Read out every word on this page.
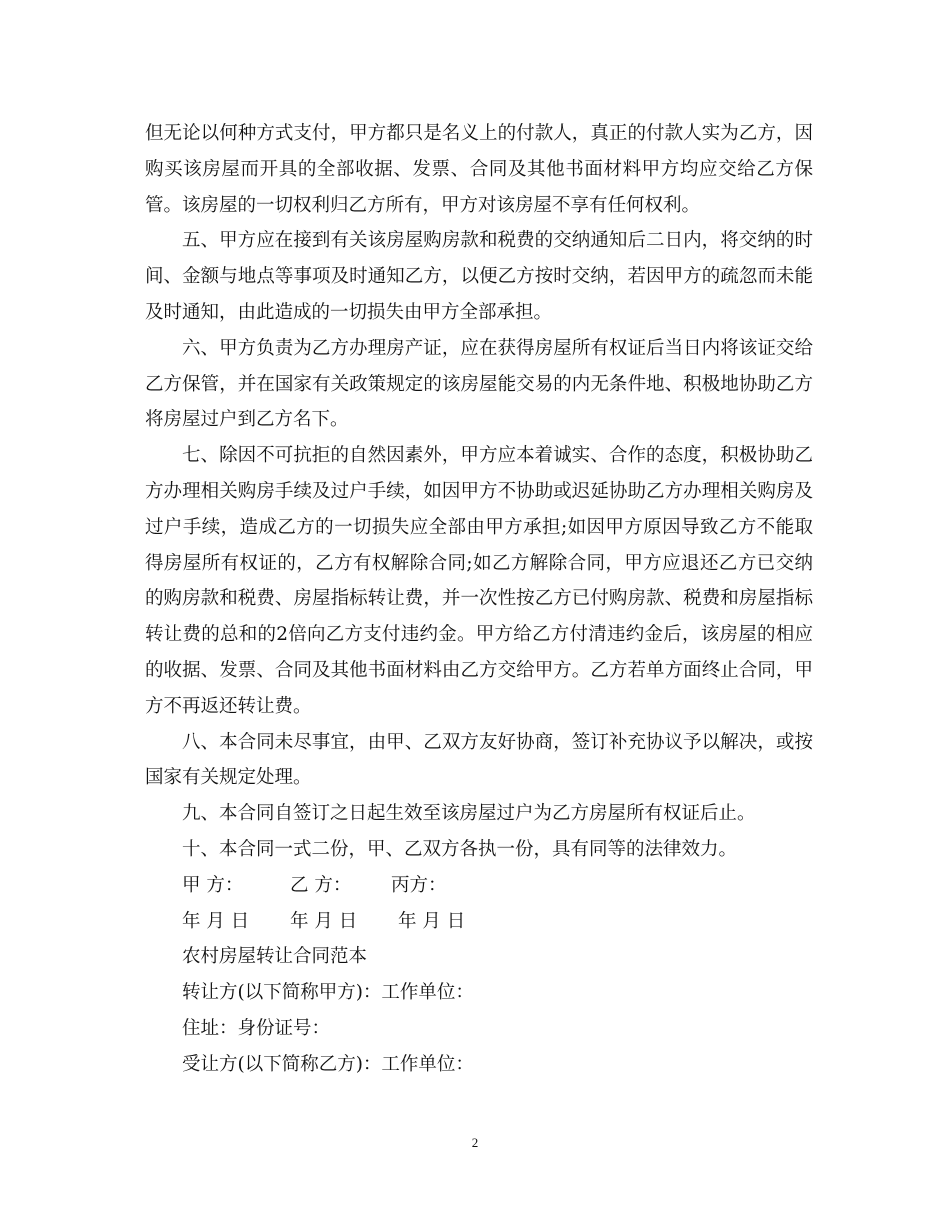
但无论以何种方式支付，甲方都只是名义上的付款人，真正的付款人实为乙方，因购买该房屋而开具的全部收据、发票、合同及其他书面材料甲方均应交给乙方保管。该房屋的一切权利归乙方所有，甲方对该房屋不享有任何权利。

五、甲方应在接到有关该房屋购房款和税费的交纳通知后二日内，将交纳的时间、金额与地点等事项及时通知乙方，以便乙方按时交纳，若因甲方的疏忽而未能及时通知，由此造成的一切损失由甲方全部承担。

六、甲方负责为乙方办理房产证，应在获得房屋所有权证后当日内将该证交给乙方保管，并在国家有关政策规定的该房屋能交易的内无条件地、积极地协助乙方将房屋过户到乙方名下。

七、除因不可抗拒的自然因素外，甲方应本着诚实、合作的态度，积极协助乙方办理相关购房手续及过户手续，如因甲方不协助或迟延协助乙方办理相关购房及过户手续，造成乙方的一切损失应全部由甲方承担;如因甲方原因导致乙方不能取得房屋所有权证的，乙方有权解除合同;如乙方解除合同，甲方应退还乙方已交纳的购房款和税费、房屋指标转让费，并一次性按乙方已付购房款、税费和房屋指标转让费的总和的2倍向乙方支付违约金。甲方给乙方付清违约金后，该房屋的相应的收据、发票、合同及其他书面材料由乙方交给甲方。乙方若单方面终止合同，甲方不再返还转让费。

八、本合同未尽事宜，由甲、乙双方友好协商，签订补充协议予以解决，或按国家有关规定处理。

九、本合同自签订之日起生效至该房屋过户为乙方房屋所有权证后止。

十、本合同一式二份，甲、乙双方各执一份，具有同等的法律效力。

甲 方：	乙 方： 丙方：
年 月 日 年 月 日 年 月 日

农村房屋转让合同范本

转让方(以下简称甲方)：工作单位：

住址：身份证号：

受让方(以下简称乙方)：工作单位：

2
